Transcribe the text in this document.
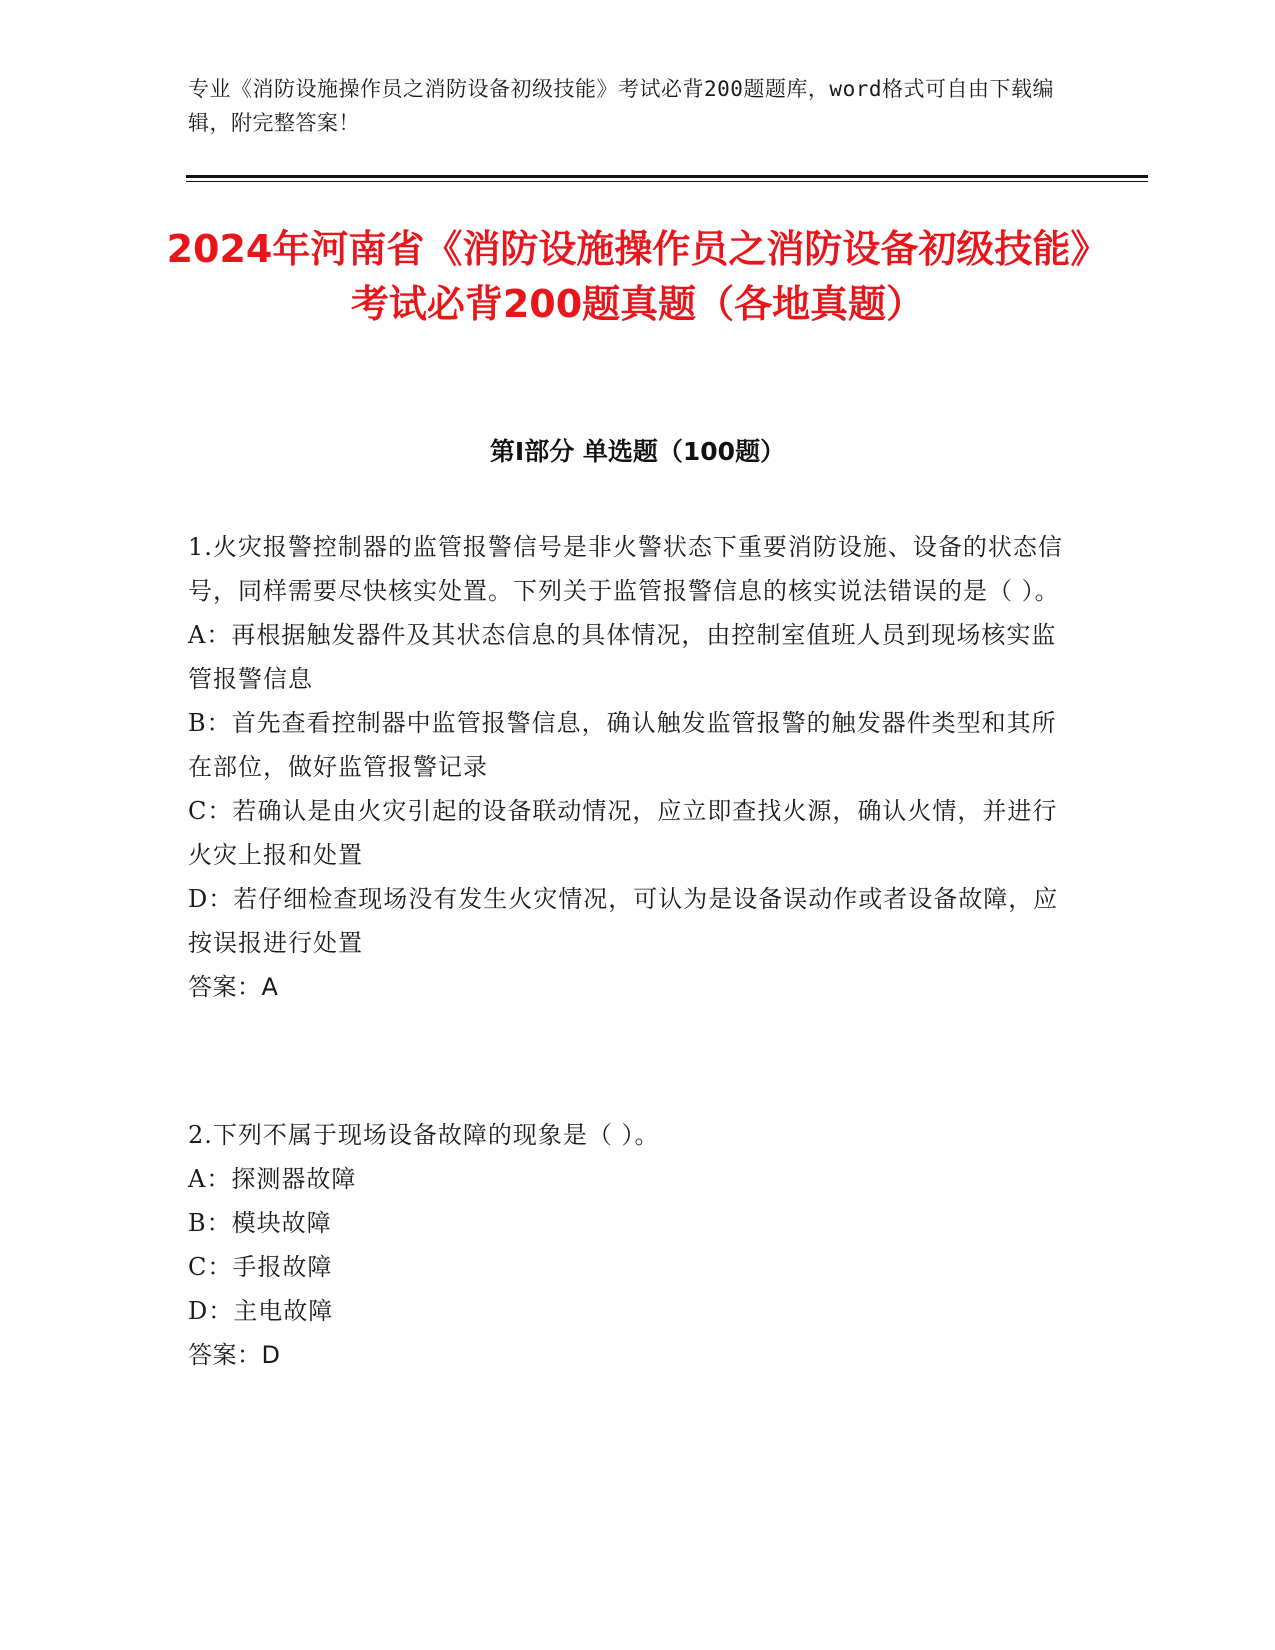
专业《消防设施操作员之消防设备初级技能》考试必背200题题库，word格式可自由下载编辑，附完整答案！
2024年河南省《消防设施操作员之消防设备初级技能》考试必背200题真题（各地真题）
第I部分 单选题（100题）

1.火灾报警控制器的监管报警信号是非火警状态下重要消防设施、设备的状态信号，同样需要尽快核实处置。下列关于监管报警信息的核实说法错误的是（ ）。

A：再根据触发器件及其状态信息的具体情况，由控制室值班人员到现场核实监管报警信息

B：首先查看控制器中监管报警信息，确认触发监管报警的触发器件类型和其所在部位，做好监管报警记录

C：若确认是由火灾引起的设备联动情况，应立即查找火源，确认火情，并进行火灾上报和处置

D：若仔细检查现场没有发生火灾情况，可认为是设备误动作或者设备故障，应按误报进行处置

答案：A

2.下列不属于现场设备故障的现象是（ ）。

A：探测器故障

B：模块故障

C：手报故障

D：主电故障

答案：D
